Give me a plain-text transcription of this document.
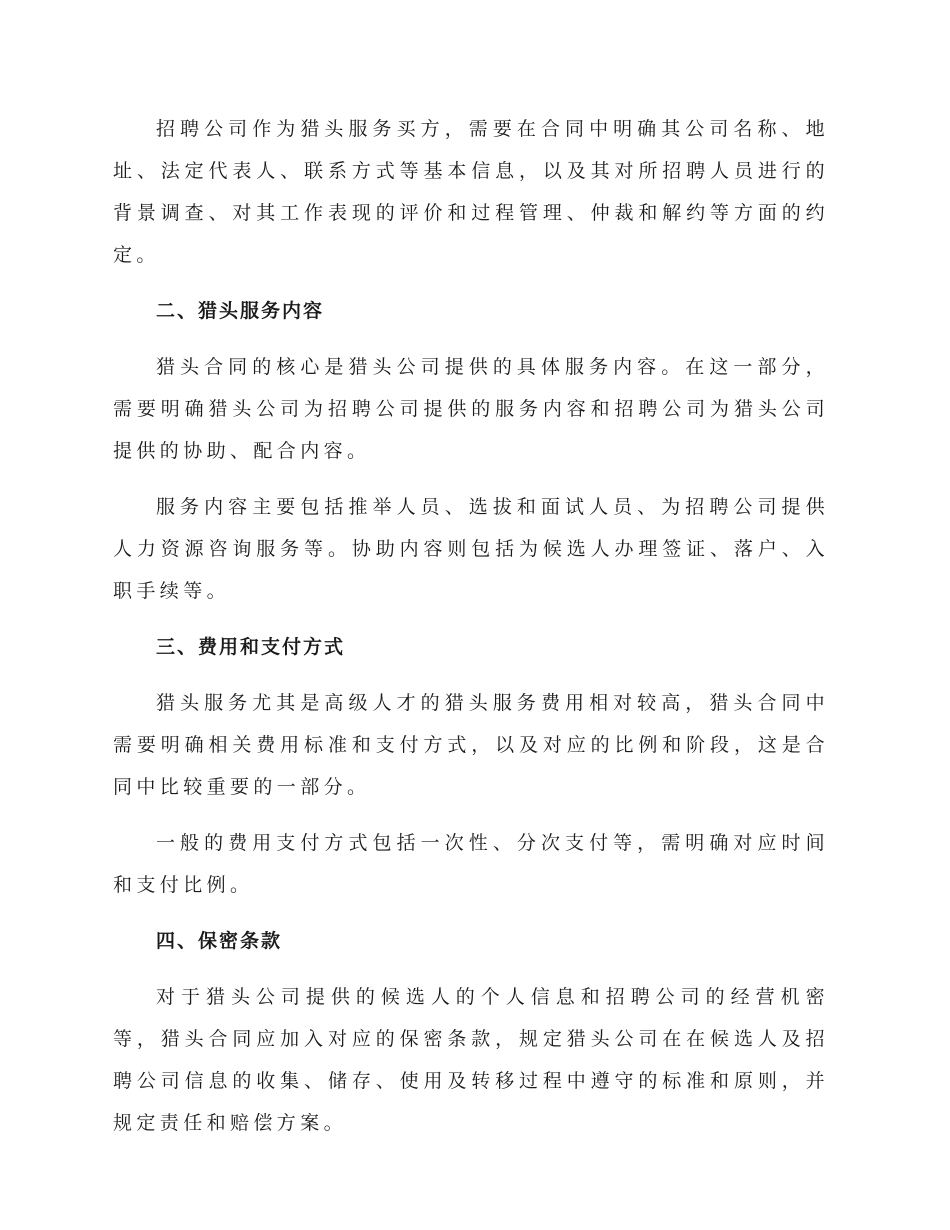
招聘公司作为猎头服务买方，需要在合同中明确其公司名称、地址、法定代表人、联系方式等基本信息，以及其对所招聘人员进行的背景调查、对其工作表现的评价和过程管理、仲裁和解约等方面的约定。

二、猎头服务内容

猎头合同的核心是猎头公司提供的具体服务内容。在这一部分，需要明确猎头公司为招聘公司提供的服务内容和招聘公司为猎头公司提供的协助、配合内容。

服务内容主要包括推举人员、选拔和面试人员、为招聘公司提供人力资源咨询服务等。协助内容则包括为候选人办理签证、落户、入职手续等。

三、费用和支付方式

猎头服务尤其是高级人才的猎头服务费用相对较高，猎头合同中需要明确相关费用标准和支付方式，以及对应的比例和阶段，这是合同中比较重要的一部分。

一般的费用支付方式包括一次性、分次支付等，需明确对应时间和支付比例。

四、保密条款

对于猎头公司提供的候选人的个人信息和招聘公司的经营机密等，猎头合同应加入对应的保密条款，规定猎头公司在在候选人及招聘公司信息的收集、储存、使用及转移过程中遵守的标准和原则，并规定责任和赔偿方案。
